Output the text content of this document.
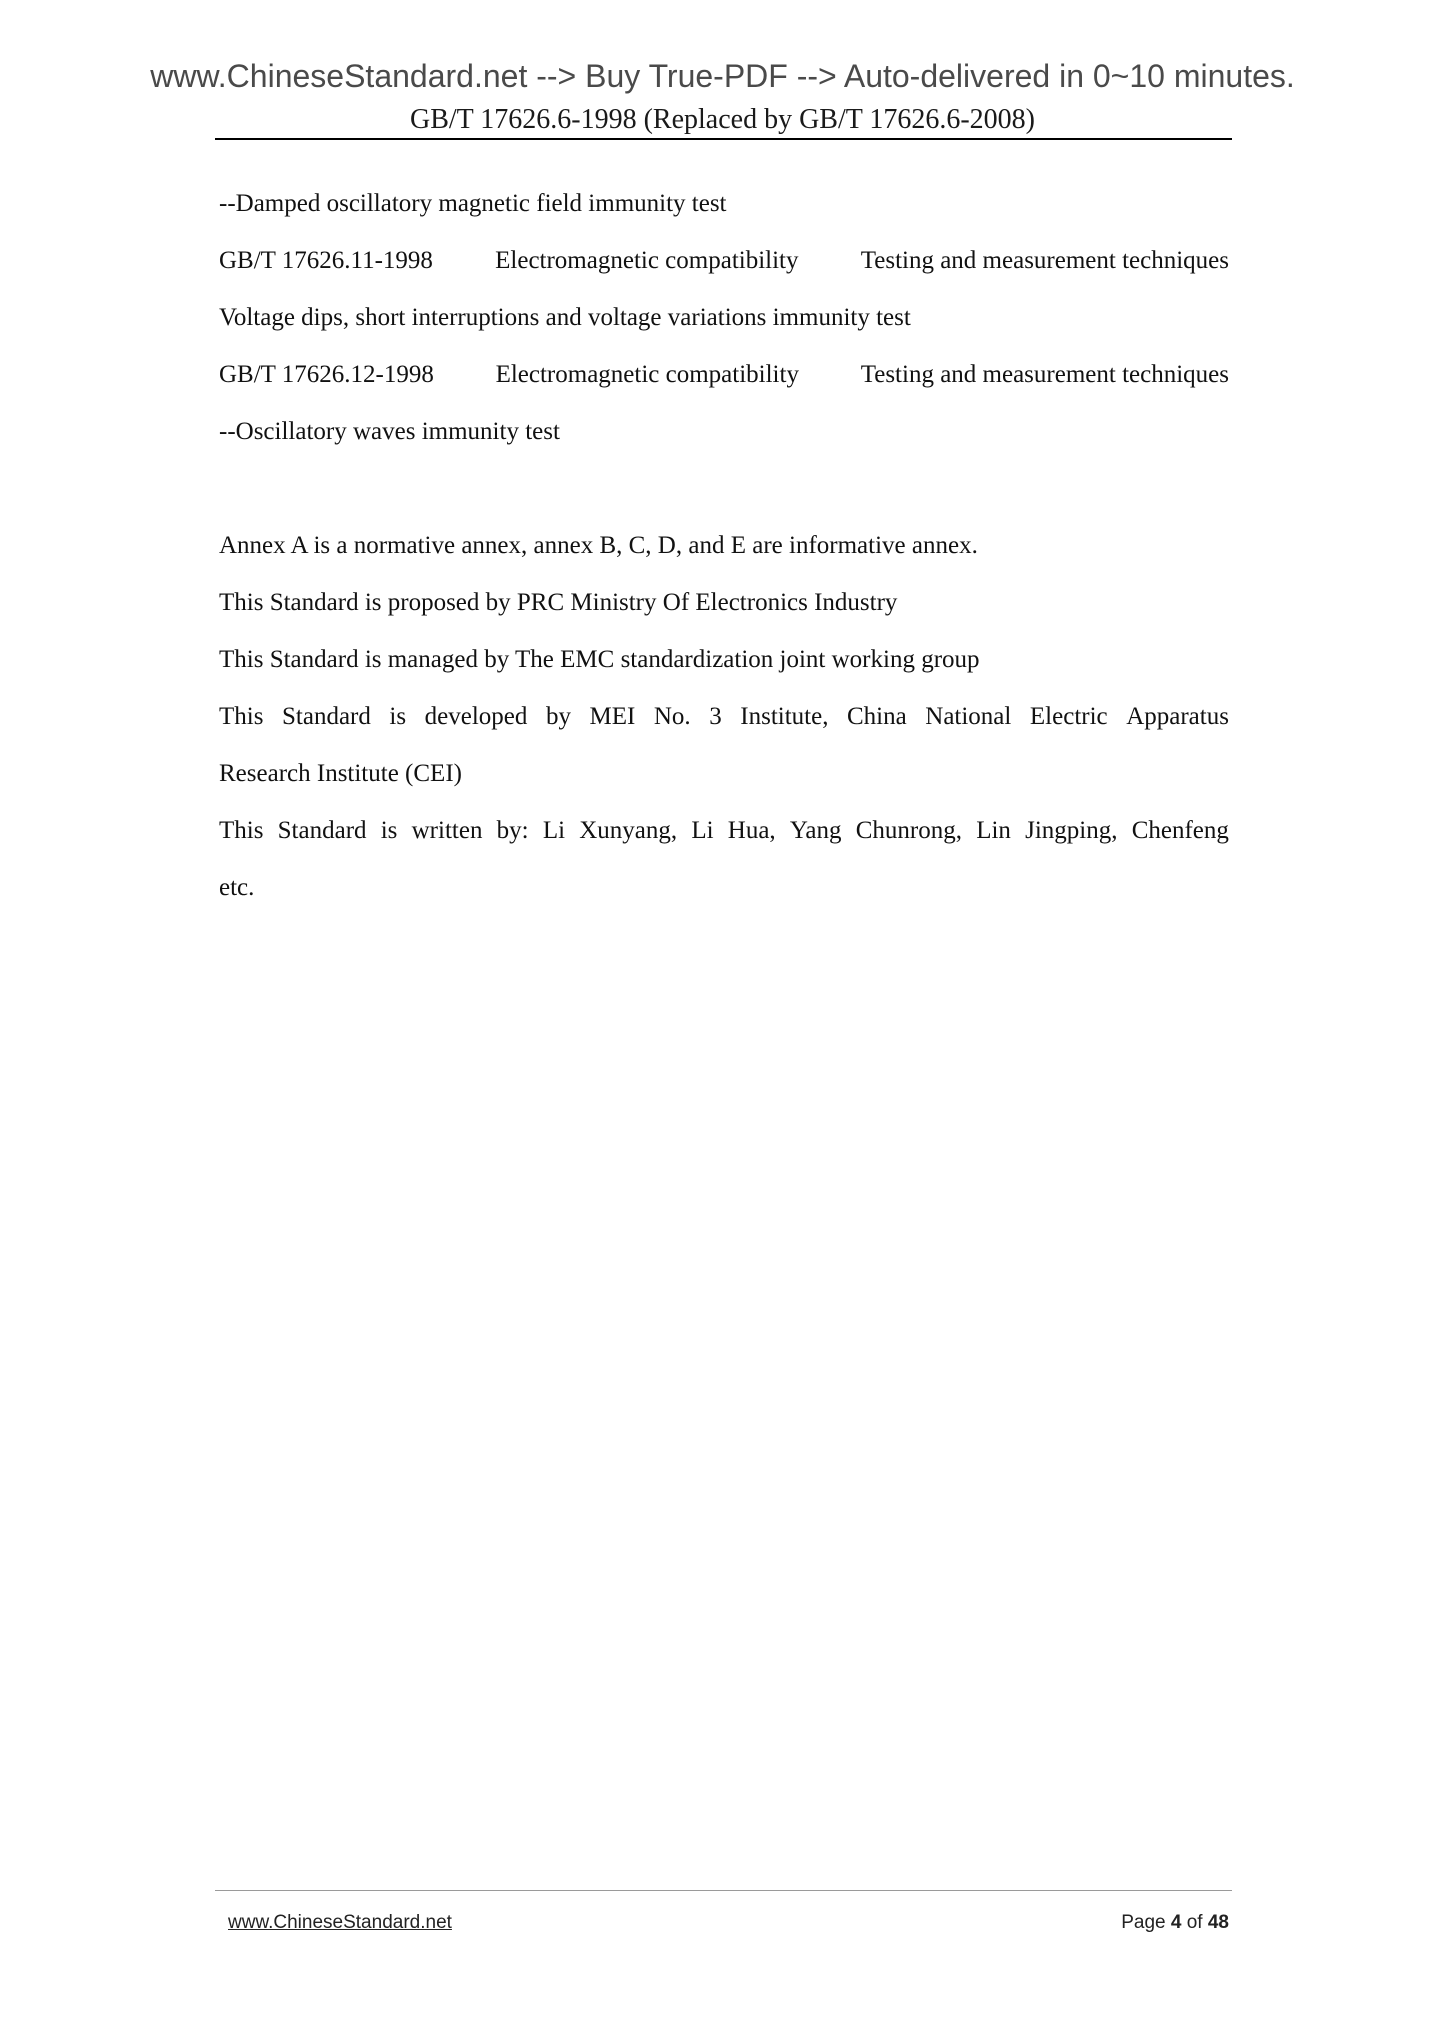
www.ChineseStandard.net --> Buy True-PDF --> Auto-delivered in 0~10 minutes.
GB/T 17626.6-1998 (Replaced by GB/T 17626.6-2008)
--Damped oscillatory magnetic field immunity test
GB/T 17626.11-1998 Electromagnetic compatibility Testing and measurement techniques
Voltage dips, short interruptions and voltage variations immunity test
GB/T 17626.12-1998 Electromagnetic compatibility Testing and measurement techniques
--Oscillatory waves immunity test
Annex A is a normative annex, annex B, C, D, and E are informative annex.
This Standard is proposed by PRC Ministry Of Electronics Industry
This Standard is managed by The EMC standardization joint working group
This Standard is developed by MEI No. 3 Institute, China National Electric Apparatus
Research Institute (CEI)
This Standard is written by: Li Xunyang, Li Hua, Yang Chunrong, Lin Jingping, Chenfeng
etc.
www.ChineseStandard.net	Page 4 of 48
